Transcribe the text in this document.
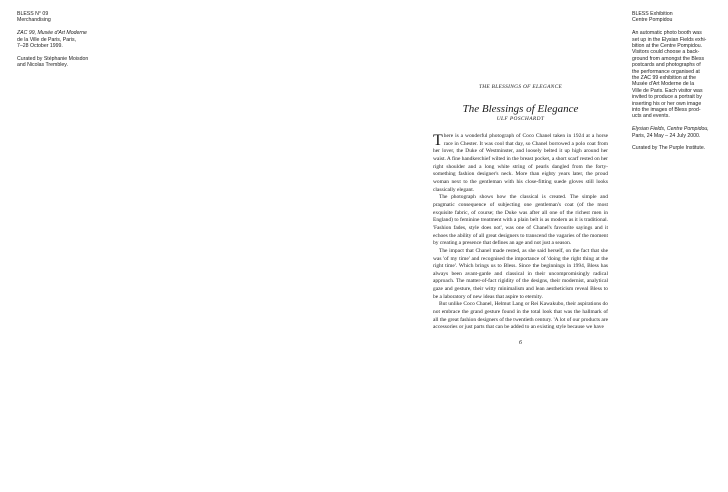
BLESS N° 09

Merchandising

ZAC 99, Musée d'Art Moderne

de la Ville de Paris, Paris,

7–28 October 1999.

Curated by Stéphanie Moisdon

and Nicolas Trembley.

THE BLESSINGS OF ELEGANCE

The Blessings of Elegance

ULF POSCHARDT

There is a wonderful photograph of Coco Chanel taken in 1924 at a horse race in Chester. It was cool that day, so Chanel borrowed a polo coat from her lover, the Duke of Westminster, and loosely belted it up high around her waist. A fine handkerchief wilted in the breast pocket, a short scarf rested on her right shoulder and a long white string of pearls dangled from the forty-something fashion designer's neck. More than eighty years later, the proud woman next to the gentleman with his close-fitting suede gloves still looks classically elegant.

The photograph shows how the classical is created. The simple and pragmatic consequence of subjecting one gentleman's coat (of the most exquisite fabric, of course; the Duke was after all one of the richest men in England) to feminine treatment with a plain belt is as modern as it is traditional. 'Fashion fades, style does not', was one of Chanel's favourite sayings and it echoes the ability of all great designers to transcend the vagaries of the moment by creating a presence that defines an age and not just a season.

The impact that Chanel made rested, as she said herself, on the fact that she was 'of my time' and recognised the importance of 'doing the right thing at the right time'. Which brings us to Bless. Since the beginnings in 1994, Bless has always been avant-garde and classical in their uncompromisingly radical approach. The matter-of-fact rigidity of the designs, their modernist, analytical gaze and gesture, their witty minimalism and lean aestheticism reveal Bless to be a laboratory of new ideas that aspire to eternity.

But unlike Coco Chanel, Helmut Lang or Rei Kawakubo, their aspirations do not embrace the grand gesture found in the total look that was the hallmark of all the great fashion designers of the twentieth century. 'A lot of our products are accessories or just parts that can be added to an existing style because we have

6

BLESS Exhibition

Centre Pompidou

An automatic photo booth was

set up in the Elysian Fields exhi-

bition at the Centre Pompidou.

Visitors could choose a back-

ground from amongst the Bless

postcards and photographs of

the performance organised at

the ZAC 99 exhibition at the

Musée d'Art Moderne de la

Ville de Paris. Each visitor was

invited to produce a portrait by

inserting his or her own image

into the images of Bless prod-

ucts and events.

Elysian Fields, Centre Pompidou,

Paris, 24 May – 24 July 2000.

Curated by The Purple Institute.
